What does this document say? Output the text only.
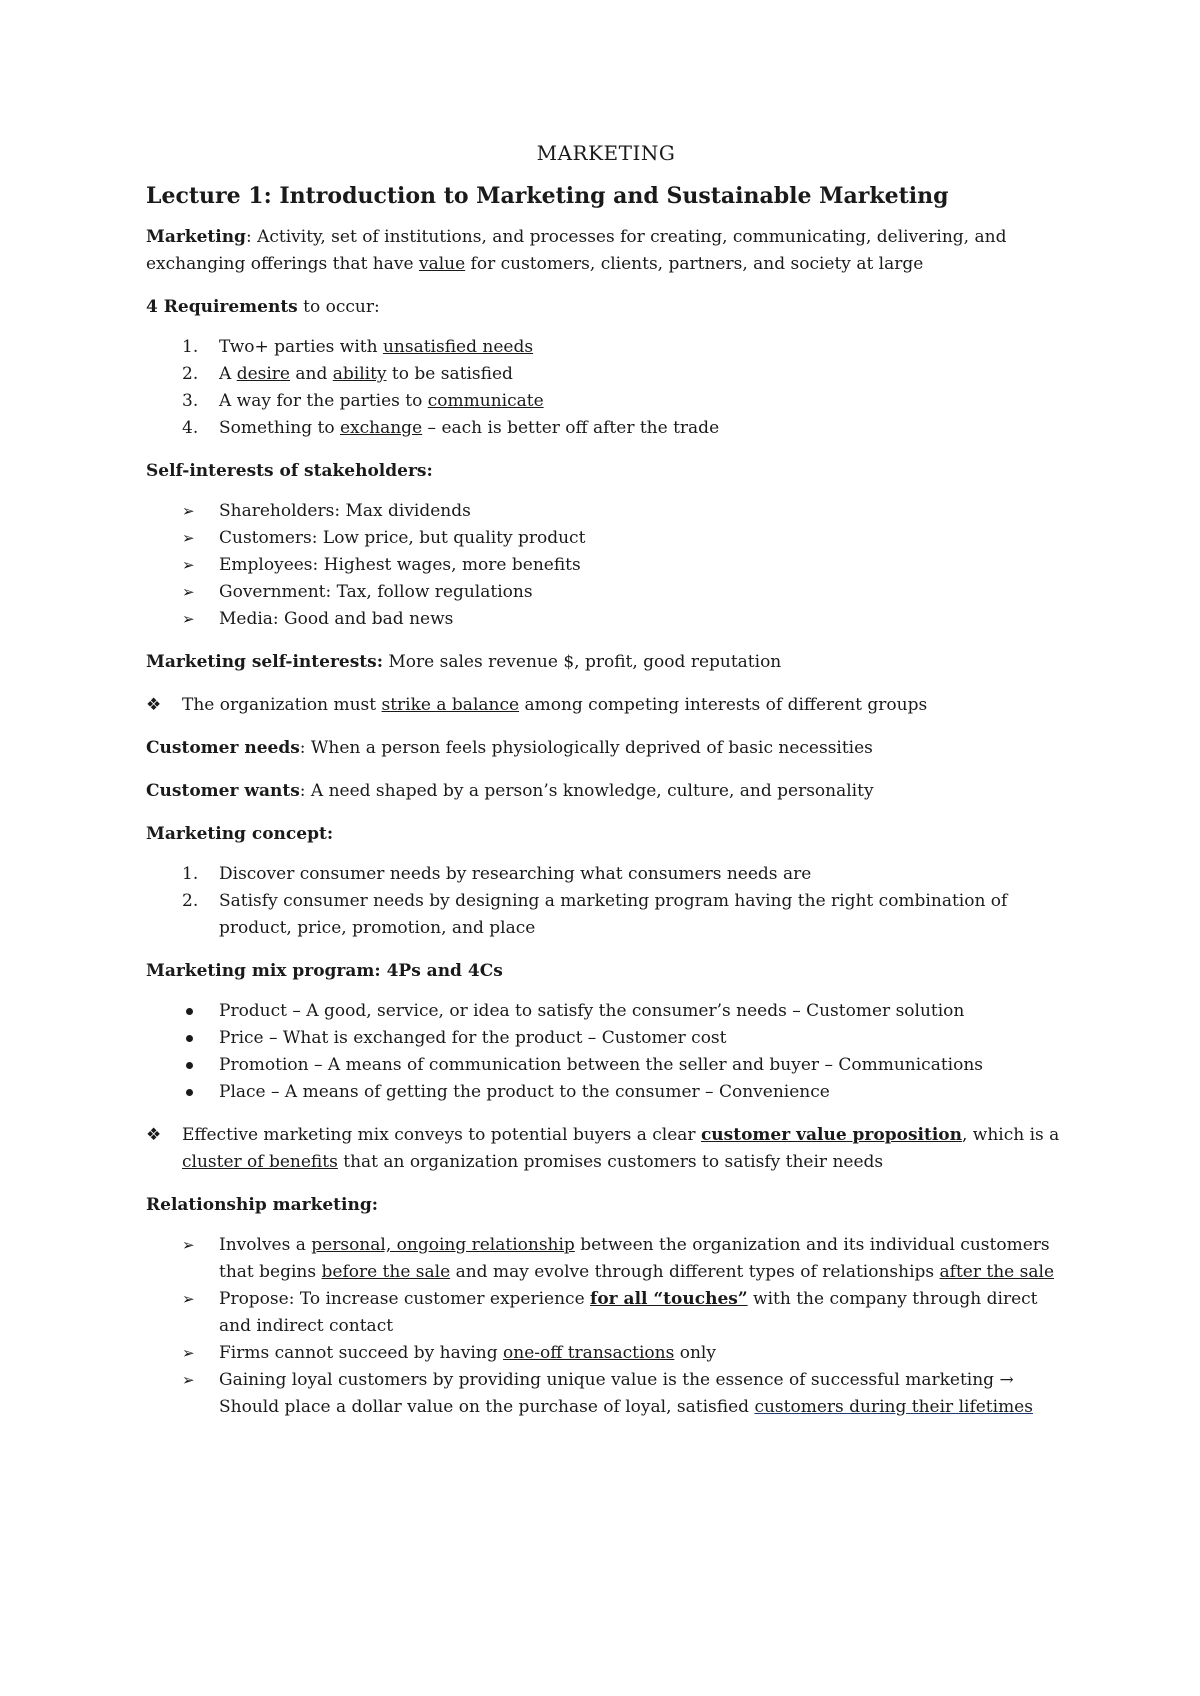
MARKETING
Lecture 1: Introduction to Marketing and Sustainable Marketing

Marketing: Activity, set of institutions, and processes for creating, communicating, delivering, and exchanging offerings that have value for customers, clients, partners, and society at large

4 Requirements to occur:

1.	Two+ parties with unsatisfied needs
2.	A desire and ability to be satisfied
3.	A way for the parties to communicate
4.	Something to exchange – each is better off after the trade

Self-interests of stakeholders:

➢	Shareholders: Max dividends
➢	Customers: Low price, but quality product
➢	Employees: Highest wages, more benefits
➢	Government: Tax, follow regulations
➢	Media: Good and bad news

Marketing self-interests: More sales revenue $, profit, good reputation

❖ The organization must strike a balance among competing interests of different groups

Customer needs: When a person feels physiologically deprived of basic necessities

Customer wants: A need shaped by a person’s knowledge, culture, and personality

Marketing concept:

1.	Discover consumer needs by researching what consumers needs are
2.	Satisfy consumer needs by designing a marketing program having the right combination of product, price, promotion, and place

Marketing mix program: 4Ps and 4Cs

Product – A good, service, or idea to satisfy the consumer’s needs – Customer solution
Price – What is exchanged for the product – Customer cost
Promotion – A means of communication between the seller and buyer – Communications
Place – A means of getting the product to the consumer – Convenience

❖ Effective marketing mix conveys to potential buyers a clear customer value proposition, which is a cluster of benefits that an organization promises customers to satisfy their needs

Relationship marketing:

➢	Involves a personal, ongoing relationship between the organization and its individual customers that begins before the sale and may evolve through different types of relationships after the sale
➢	Propose: To increase customer experience for all “touches” with the company through direct and indirect contact
➢	Firms cannot succeed by having one-off transactions only
➢	Gaining loyal customers by providing unique value is the essence of successful marketing → Should place a dollar value on the purchase of loyal, satisfied customers during their lifetimes
